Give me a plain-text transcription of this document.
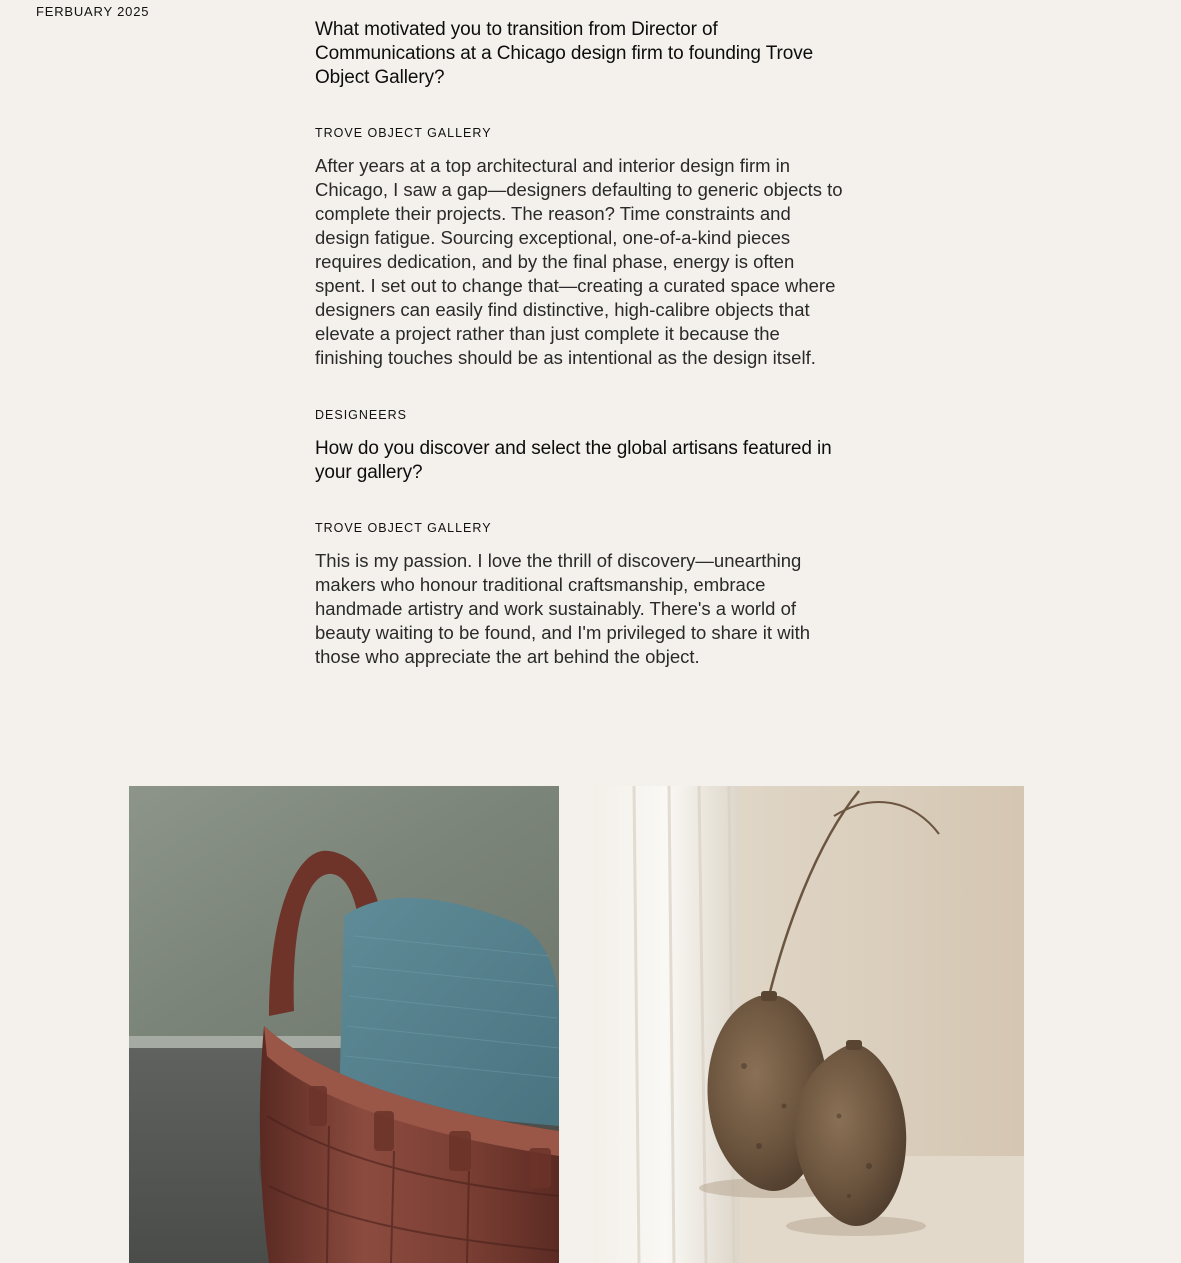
FERBUARY 2025
What motivated you to transition from Director of Communications at a Chicago design firm to founding Trove Object Gallery?
TROVE OBJECT GALLERY

After years at a top architectural and interior design firm in Chicago, I saw a gap—designers defaulting to generic objects to complete their projects. The reason? Time constraints and design fatigue. Sourcing exceptional, one-of-a-kind pieces requires dedication, and by the final phase, energy is often spent. I set out to change that—creating a curated space where designers can easily find distinctive, high-calibre objects that elevate a project rather than just complete it because the finishing touches should be as intentional as the design itself.

DESIGNEERS
How do you discover and select the global artisans featured in your gallery?
TROVE OBJECT GALLERY

This is my passion. I love the thrill of discovery—unearthing makers who honour traditional craftsmanship, embrace handmade artistry and work sustainably. There's a world of beauty waiting to be found, and I'm privileged to share it with those who appreciate the art behind the object.
